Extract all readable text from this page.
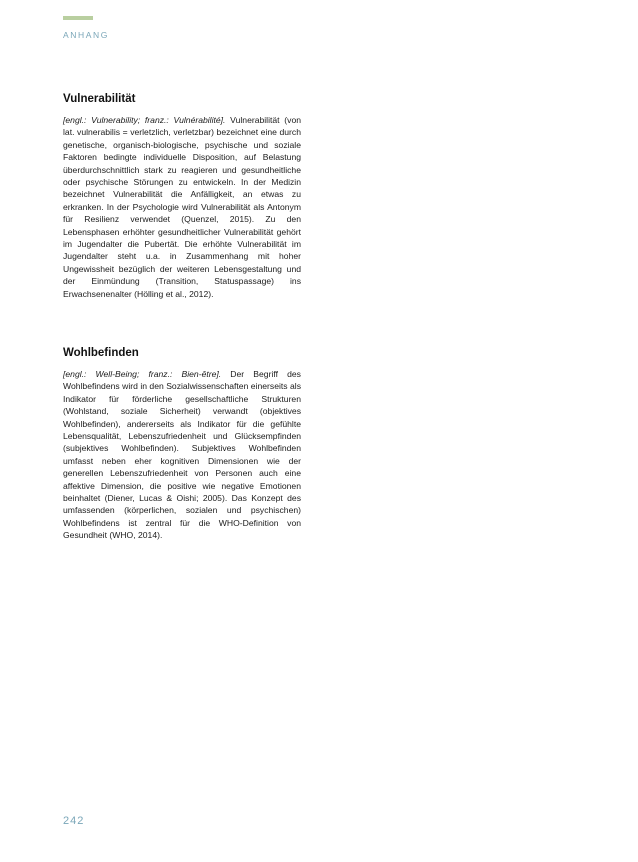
ANHANG
Vulnerabilität

[engl.: Vulnerability; franz.: Vulnérabilité]. Vulnerabilität (von lat. vulnerabilis = verletzlich, verletzbar) bezeichnet eine durch genetische, organisch-biologische, psychische und soziale Faktoren bedingte individuelle Disposition, auf Belastung überdurchschnittlich stark zu reagieren und gesundheitliche oder psychische Störungen zu entwickeln. In der Medizin bezeichnet Vulnerabilität die Anfälligkeit, an etwas zu erkranken. In der Psychologie wird Vulnerabilität als Antonym für Resilienz verwendet (Quenzel, 2015). Zu den Lebensphasen erhöhter gesundheitlicher Vulnerabilität gehört im Jugendalter die Pubertät. Die erhöhte Vulnerabilität im Jugendalter steht u.a. in Zusammenhang mit hoher Ungewissheit bezüglich der weiteren Lebensgestaltung und der Einmündung (Transition, Statuspassage) ins Erwachsenenalter (Hölling et al., 2012).

Wohlbefinden

[engl.: Well-Being; franz.: Bien-être]. Der Begriff des Wohlbefindens wird in den Sozialwissenschaften einerseits als Indikator für förderliche gesellschaftliche Strukturen (Wohlstand, soziale Sicherheit) verwandt (objektives Wohlbefinden), andererseits als Indikator für die gefühlte Lebensqualität, Lebenszufriedenheit und Glücksempfinden (subjektives Wohlbefinden). Subjektives Wohlbefinden umfasst neben eher kognitiven Dimensionen wie der generellen Lebenszufriedenheit von Personen auch eine affektive Dimension, die positive wie negative Emotionen beinhaltet (Diener, Lucas & Oishi; 2005). Das Konzept des umfassenden (körperlichen, sozialen und psychischen) Wohlbefindens ist zentral für die WHO-Definition von Gesundheit (WHO, 2014).

242
